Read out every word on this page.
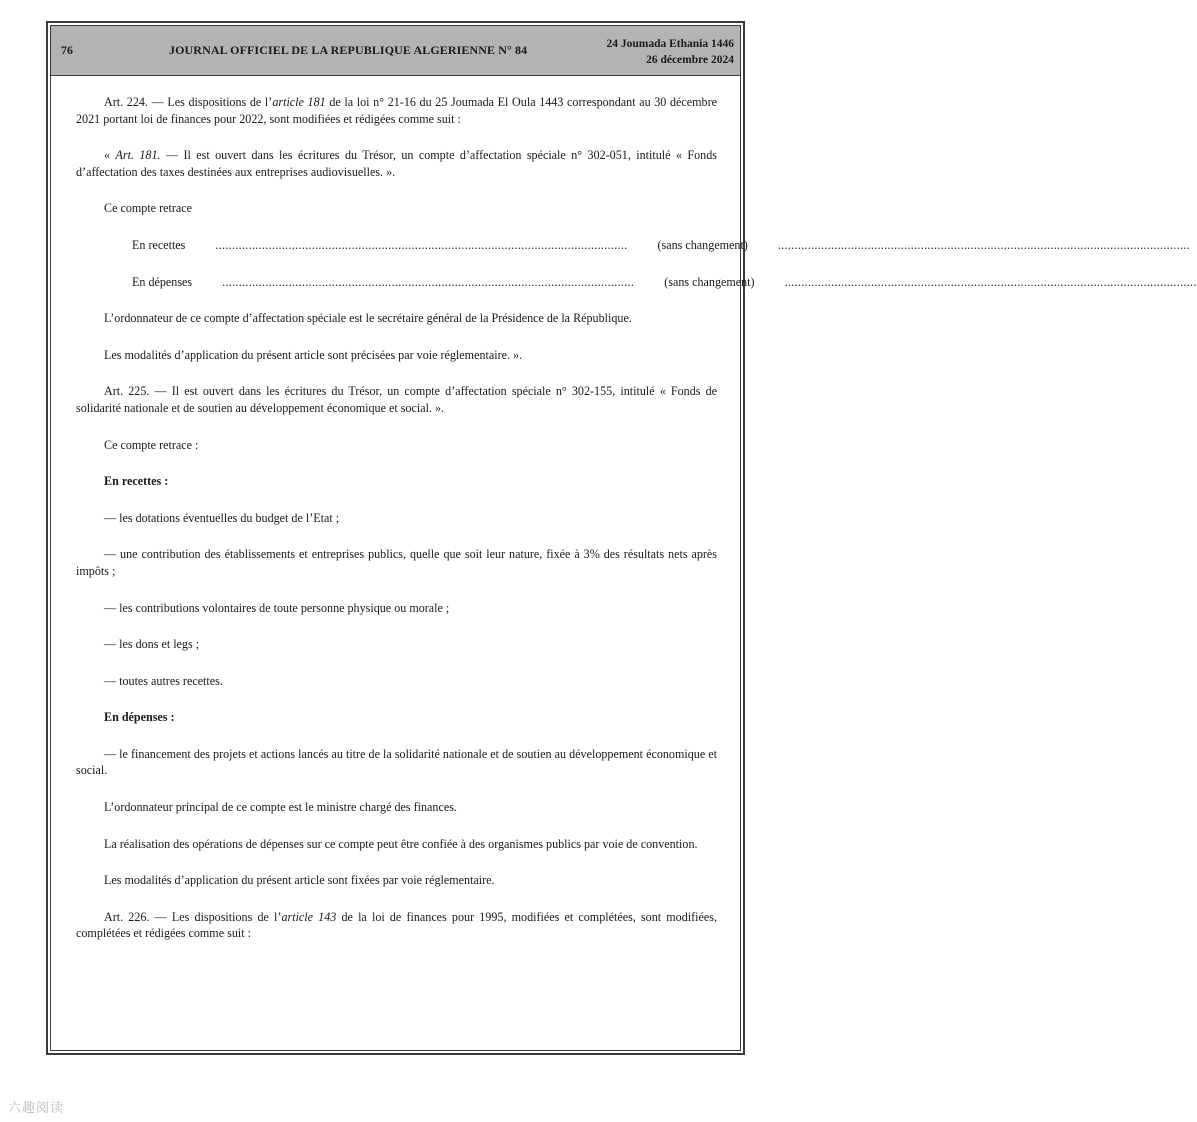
76	JOURNAL OFFICIEL DE LA REPUBLIQUE ALGERIENNE N° 84	24 Joumada Ethania 1446
26 décembre 2024

Art. 224. — Les dispositions de l’article 181 de la loi n° 21-16 du 25 Joumada El Oula 1443 correspondant au 30 décembre 2021 portant loi de finances pour 2022, sont modifiées et rédigées comme suit :

« Art. 181. — Il est ouvert dans les écritures du Trésor, un compte d’affectation spéciale n° 302-051, intitulé « Fonds d’affectation des taxes destinées aux entreprises audiovisuelles. ».

Ce compte retrace

En recettes	............................................................................................................................	(sans changement)	............................................................................................................................

En dépenses	............................................................................................................................	(sans changement)	............................................................................................................................

L’ordonnateur de ce compte d’affectation spéciale est le secrétaire général de la Présidence de la République.

Les modalités d’application du présent article sont précisées par voie réglementaire. ».

Art. 225. — Il est ouvert dans les écritures du Trésor, un compte d’affectation spéciale n° 302-155, intitulé « Fonds de solidarité nationale et de soutien au développement économique et social. ».

Ce compte retrace :

En recettes :

— les dotations éventuelles du budget de l’Etat ;

— une contribution des établissements et entreprises publics, quelle que soit leur nature, fixée à 3% des résultats nets après impôts ;

— les contributions volontaires de toute personne physique ou morale ;

— les dons et legs ;

— toutes autres recettes.

En dépenses :

— le financement des projets et actions lancés au titre de la solidarité nationale et de soutien au développement économique et social.

L’ordonnateur principal de ce compte est le ministre chargé des finances.

La réalisation des opérations de dépenses sur ce compte peut être confiée à des organismes publics par voie de convention.

Les modalités d’application du présent article sont fixées par voie réglementaire.

Art. 226. — Les dispositions de l’article 143 de la loi de finances pour 1995, modifiées et complétées, sont modifiées, complétées et rédigées comme suit :

六趣阅读
